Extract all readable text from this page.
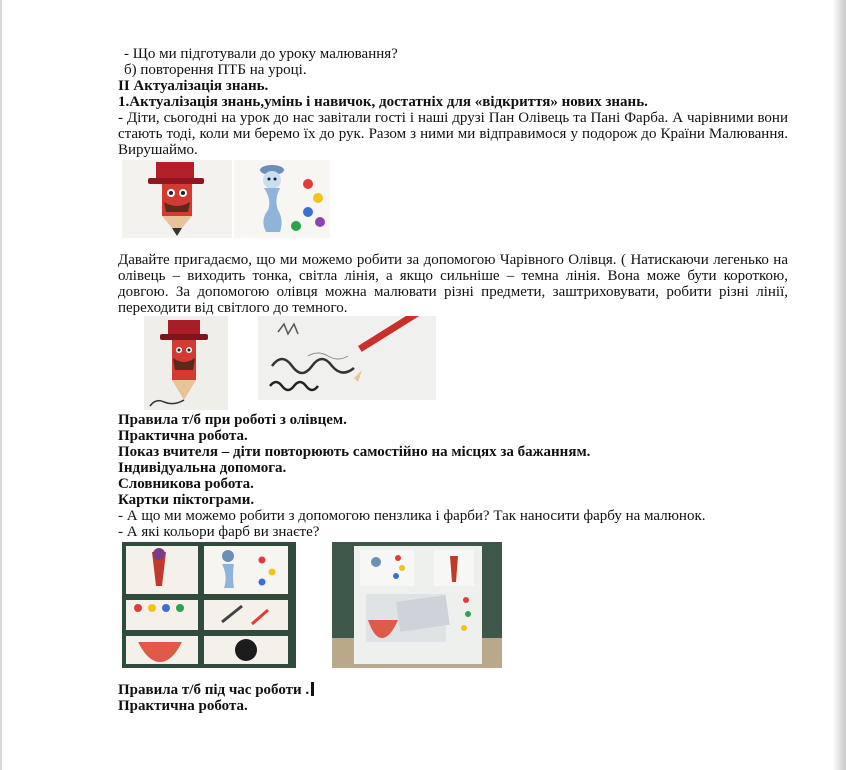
- Що ми підготували до уроку малювання?

б) повторення ПТБ на уроці.

ІІ Актуалізація знань.

1.Актуалізація знань,умінь і навичок, достатніх для «відкриття» нових знань.

- Діти, сьогодні на урок до нас завітали гості і наші друзі Пан Олівець та Пані Фарба. А чарівними вони стають тоді, коли ми беремо їх до рук. Разом з ними ми відправимося у подорож до Країни Малювання. Вирушаймо.

Давайте пригадаємо, що ми можемо робити за допомогою Чарівного Олівця. ( Натискаючи легенько на олівець – виходить тонка, світла лінія, а якщо сильніше – темна лінія. Вона може бути короткою, довгою. За допомогою олівця можна малювати різні предмети, заштриховувати, робити різні лінії, переходити від світлого до темного.

Правила т/б при роботі з олівцем.

Практична робота.

Показ вчителя – діти повторюють самостійно на місцях за бажанням.

Індивідуальна допомога.

Словникова робота.

Картки піктограми.

- А що ми можемо робити з допомогою пензлика і фарби? Так наносити фарбу на малюнок.

- А які кольори фарб ви знаєте?

Правила т/б під час роботи .

Практична робота.
